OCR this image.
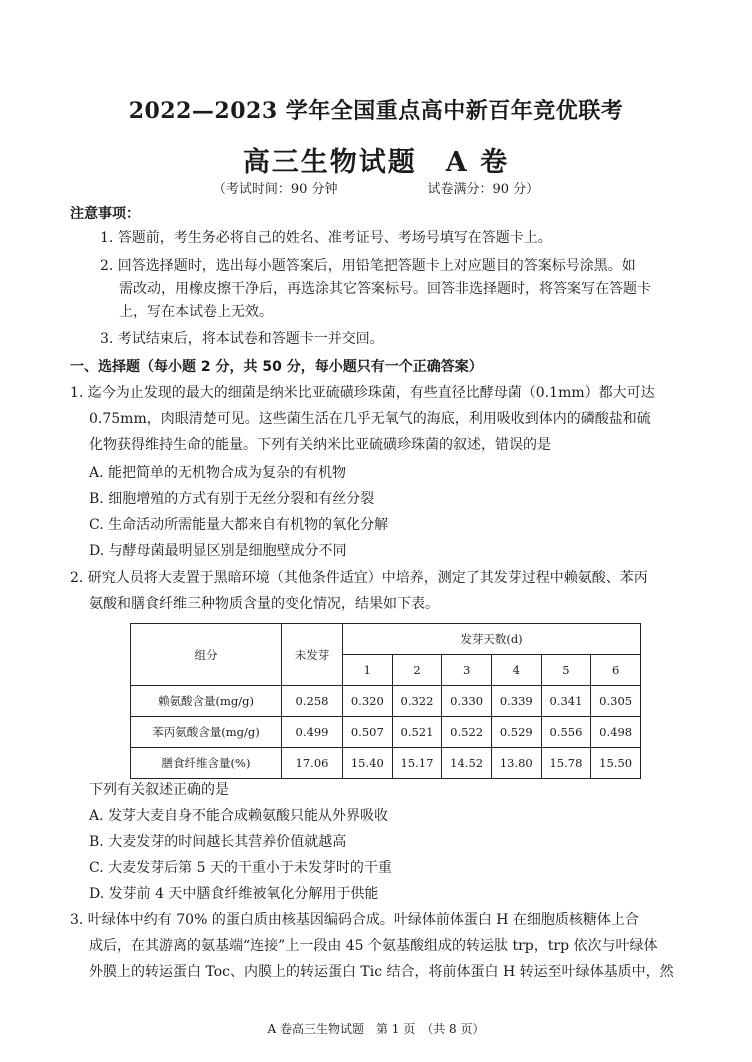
2022—2023 学年全国重点高中新百年竞优联考
高三生物试题　A 卷
（考试时间：90 分钟	试卷满分：90 分）
注意事项：
1. 答题前，考生务必将自己的姓名、准考证号、考场号填写在答题卡上。
2. 回答选择题时，选出每小题答案后，用铅笔把答题卡上对应题目的答案标号涂黑。如
需改动，用橡皮擦干净后，再选涂其它答案标号。回答非选择题时，将答案写在答题卡
上，写在本试卷上无效。
3. 考试结束后，将本试卷和答题卡一并交回。
一、选择题（每小题 2 分，共 50 分，每小题只有一个正确答案）
1. 迄今为止发现的最大的细菌是纳米比亚硫磺珍珠菌，有些直径比酵母菌（0.1mm）都大可达
0.75mm，肉眼清楚可见。这些菌生活在几乎无氧气的海底，利用吸收到体内的磷酸盐和硫
化物获得维持生命的能量。下列有关纳米比亚硫磺珍珠菌的叙述，错误的是
A. 能把简单的无机物合成为复杂的有机物
B. 细胞增殖的方式有别于无丝分裂和有丝分裂
C. 生命活动所需能量大都来自有机物的氧化分解
D. 与酵母菌最明显区别是细胞壁成分不同
2. 研究人员将大麦置于黑暗环境（其他条件适宜）中培养，测定了其发芽过程中赖氨酸、苯丙
氨酸和膳食纤维三种物质含量的变化情况，结果如下表。
组分	未发芽	发芽天数(d)					
		1	2	3	4	5	6
赖氨酸含量(mg/g)	0.258	0.320	0.322	0.330	0.339	0.341	0.305
苯丙氨酸含量(mg/g)	0.499	0.507	0.521	0.522	0.529	0.556	0.498
膳食纤维含量(%)	17.06	15.40	15.17	14.52	13.80	15.78	15.50
下列有关叙述正确的是
A. 发芽大麦自身不能合成赖氨酸只能从外界吸收
B. 大麦发芽的时间越长其营养价值就越高
C. 大麦发芽后第 5 天的干重小于未发芽时的干重
D. 发芽前 4 天中膳食纤维被氧化分解用于供能
3. 叶绿体中约有 70% 的蛋白质由核基因编码合成。叶绿体前体蛋白 H 在细胞质核糖体上合
成后，在其游离的氨基端“连接”上一段由 45 个氨基酸组成的转运肽 trp，trp 依次与叶绿体
外膜上的转运蛋白 Toc、内膜上的转运蛋白 Tic 结合，将前体蛋白 H 转运至叶绿体基质中，然
A 卷高三生物试题　第 1 页　（共 8 页）
